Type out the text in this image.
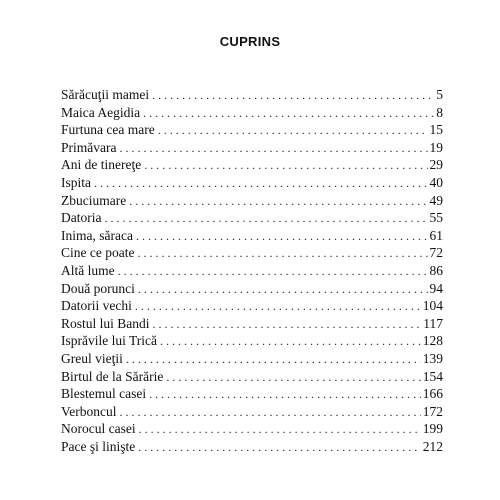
CUPRINS
Sărăcuţii mamei . . .	5
Maica Aegidia . . .	8
Furtuna cea mare . . .	15
Primăvara . . .	19
Ani de tinereţe . . .	29
Ispita . . .	40
Zbuciumare . . .	49
Datoria . . .	55
Inima, săraca . . .	61
Cine ce poate . . .	72
Altă lume . . .	86
Două porunci . . .	94
Datorii vechi . . .	104
Rostul lui Bandi . . .	117
Isprăvile lui Trică . . .	128
Greul vieţii . . .	139
Birtul de la Sărărie . . .	154
Blestemul casei . . .	166
Verboncul . . .	172
Norocul casei . . .	199
Pace şi linişte . . .	212
